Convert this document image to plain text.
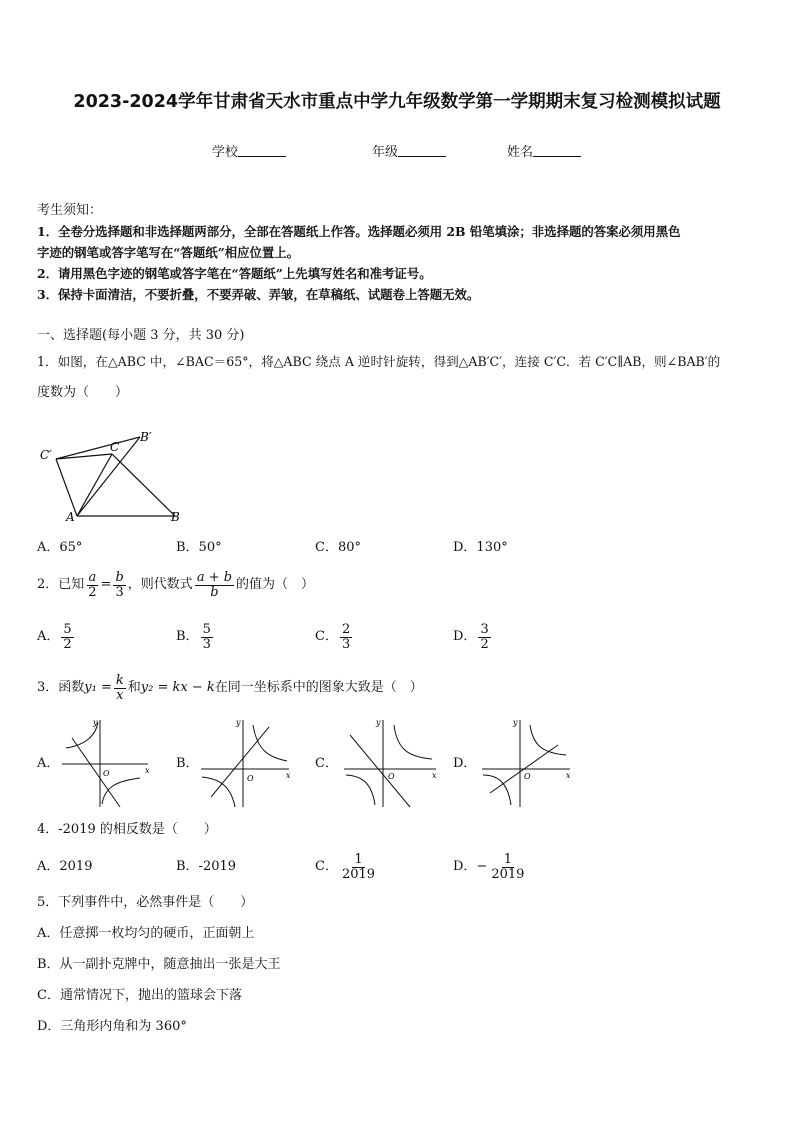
2023-2024学年甘肃省天水市重点中学九年级数学第一学期期末复习检测模拟试题
学校	年级	姓名
考生须知：
1．全卷分选择题和非选择题两部分，全部在答题纸上作答。选择题必须用 2B 铅笔填涂；非选择题的答案必须用黑色
字迹的钢笔或答字笔写在“答题纸”相应位置上。
2．请用黑色字迹的钢笔或答字笔在“答题纸”上先填写姓名和准考证号。
3．保持卡面清洁，不要折叠，不要弄破、弄皱，在草稿纸、试题卷上答题无效。
一、选择题(每小题 3 分，共 30 分)
1．如图，在△ABC 中，∠BAC＝65°，将△ABC 绕点 A 逆时针旋转，得到△AB′C′，连接 C′C．若 C′C∥AB，则∠BAB′的
度数为（　　）
C′
C
B′
A	B
A．65°	B．50°	C．80°	D．130°
2．已知 $\frac{a}{2} = \frac{b}{3}$ ，则代数式 $\frac{a + b}{b}$ 的值为（　）
A． $\frac{5}{2}$	B． $\frac{5}{3}$	C． $\frac{2}{3}$	D． $\frac{3}{2}$
3．函数 $y_1 = \frac{k}{x}$ 和 y₂ = kx − k 在同一坐标系中的图象大致是（　）
A．	x
y
O
B．
x
y
O
C．
x
y
O
D．
x
y
O
4．-2019 的相反数是（　　）
A．2019	B．-2019	C． $\frac{1}{2019}$	D． − $\frac{1}{2019}$
5．下列事件中，必然事件是（　　）
A．任意掷一枚均匀的硬币，正面朝上
B．从一副扑克牌中，随意抽出一张是大王
C．通常情况下，抛出的篮球会下落
D．三角形内角和为 360°
